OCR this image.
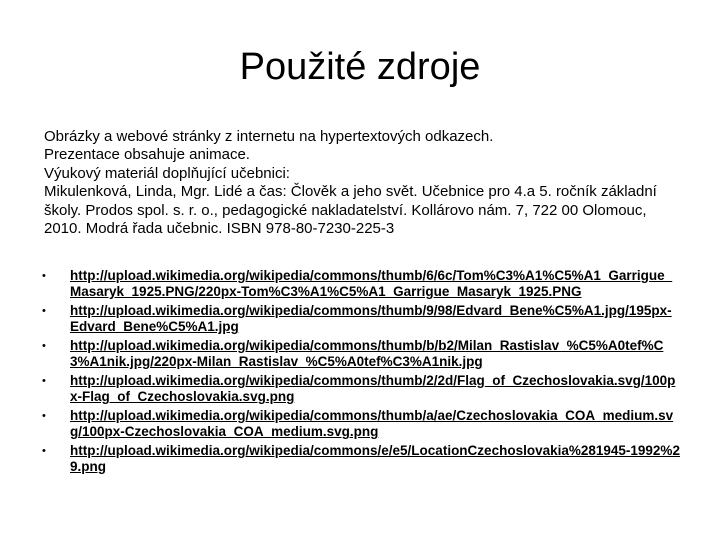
Použité zdroje

Obrázky a webové stránky z internetu na hypertextových odkazech.

Prezentace obsahuje animace.

Výukový materiál doplňující učebnici:

Mikulenková, Linda, Mgr. Lidé a čas: Člověk a jeho svět. Učebnice pro 4.a 5. ročník základní školy. Prodos spol. s. r. o., pedagogické nakladatelství. Kollárovo nám. 7, 722 00 Olomouc, 2010. Modrá řada učebnic. ISBN 978-80-7230-225-3

• http://upload.wikimedia.org/wikipedia/commons/thumb/6/6c/Tom%C3%A1%C5%A1_Garrigue_Masaryk_1925.PNG/220px-Tom%C3%A1%C5%A1_Garrigue_Masaryk_1925.PNG
• http://upload.wikimedia.org/wikipedia/commons/thumb/9/98/Edvard_Bene%C5%A1.jpg/195px-Edvard_Bene%C5%A1.jpg
• http://upload.wikimedia.org/wikipedia/commons/thumb/b/b2/Milan_Rastislav_%C5%A0tef%C3%A1nik.jpg/220px-Milan_Rastislav_%C5%A0tef%C3%A1nik.jpg
• http://upload.wikimedia.org/wikipedia/commons/thumb/2/2d/Flag_of_Czechoslovakia.svg/100px-Flag_of_Czechoslovakia.svg.png
• http://upload.wikimedia.org/wikipedia/commons/thumb/a/ae/Czechoslovakia_COA_medium.svg/100px-Czechoslovakia_COA_medium.svg.png
• http://upload.wikimedia.org/wikipedia/commons/e/e5/LocationCzechoslovakia%281945-1992%29.png
